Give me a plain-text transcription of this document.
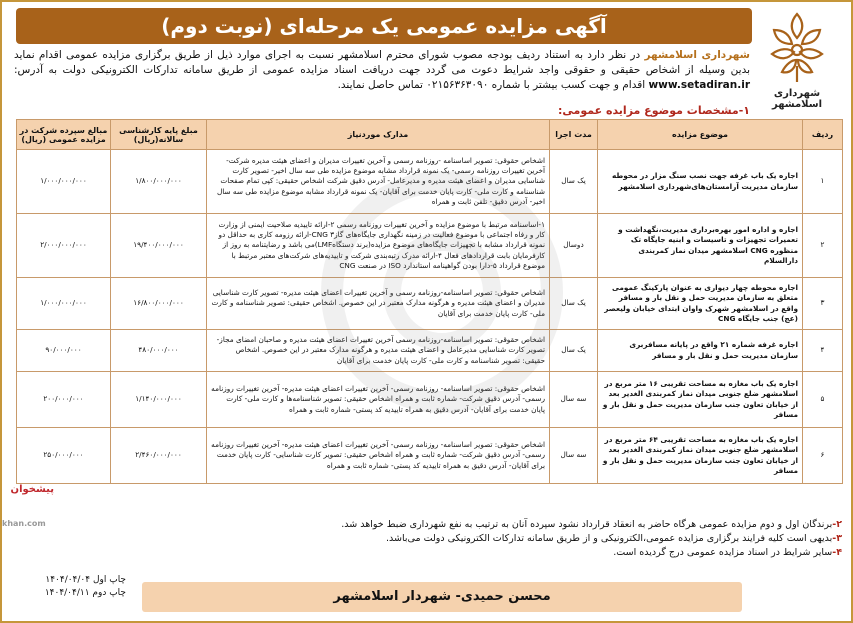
شهرداری اسلامشهر
آگهی مزایده عمومی یک مرحله‌ای (نوبت دوم)
شهرداری اسلامشهر در نظر دارد به استناد ردیف بودجه مصوب شورای محترم اسلامشهر نسبت به اجرای موارد ذیل از طریق برگزاری مزایده عمومی اقدام نماید بدین وسیله از اشخاص حقیقی و حقوقی واجد شرایط دعوت می گردد جهت دریافت اسناد مزایده عمومی از طریق سامانه تدارکات الکترونیکی دولت به آدرس: www.setadiran.ir اقدام و جهت کسب بیشتر با شماره ۰۲۱۵۶۳۶۳۰۹۰ تماس حاصل نمایند.
۱-مشخصات موضوع مزایده عمومی:
ردیف	موضوع مزایده	مدت اجرا	مدارک موردنیاز	مبلغ پایه کارشناسی سالانه(ریال)	مبالغ سپرده شرکت در مزایده عمومی (ریال)
۱	اجاره یک باب غرفه جهت نصب سنگ مزار در محوطه سازمان مدیریت آرامستان‌های‌شهرداری اسلامشهر	یک سال	اشخاص حقوقی: تصویر اساسنامه -روزنامه رسمی و آخرین تغییرات مدیران و اعضای هیئت مدیره شرکت- آخرین تغییرات روزنامه رسمی- یک نمونه قرارداد مشابه موضوع مزایده طی سه سال اخیر- تصویر کارت شناسایی مدیران و اعضای هیئت مدیره و مدیرعامل- آدرس دقیق شرکت اشخاص حقیقی: کپی تمام صفحات شناسنامه و کارت ملی- کارت پایان خدمت برای آقایان- یک نمونه قرارداد مشابه موضوع مزایده طی سه سال اخیر- آدرس دقیق- تلفن ثابت و همراه	۱/۸۰۰/۰۰۰/۰۰۰	۱/۰۰۰/۰۰۰/۰۰۰
۲	اجاره و اداره امور بهره‌برداری مدیریت،نگهداشت و تعمیرات تجهیزات و تاسیسات و ابنیه جایگاه تک منظوره CNG اسلامشهر میدان نماز کمربندی دارالسلام	دوسال	۱-اساسنامه مرتبط با موضوع مزایده و آخرین تغییرات روزنامه رسمی ۲-ارائه تاییدیه صلاحیت ایمنی از وزارت کار و رفاه اجتماعی با موضوع فعالیت در زمینه نگهداری جایگاه‌های گازCNG ۳-ارائه رزومه کاری به حداقل دو نمونه قرارداد مشابه با تجهیزات جایگاه‌های موضوع مزایده(برند دستگاهLMF)می باشد و رضایتنامه به روز از کارفرمایان بابت قرارداد‌های فعال ۴-ارائه مدرک رتبه‌بندی شرکت و تاییدیه‌های شرکت‌های معتبر مرتبط با موضوع قرارداد ۵-دارا بودن گواهینامه استاندارد ISO در صنعت CNG	۱۹/۴۰۰/۰۰۰/۰۰۰	۲/۰۰۰/۰۰۰/۰۰۰
۳	اجاره محوطه چهار دیواری به عنوان پارکینگ عمومی متعلق به سازمان مدیریت حمل و نقل بار و مسافر واقع در اسلامشهر شهرک واوان ابتدای خیابان ولیعصر (عج) جنب جایگاه CNG	یک سال	اشخاص حقوقی: تصویر اساسنامه-روزنامه رسمی و آخرین تغییرات اعضای هیئت مدیره- تصویر کارت شناسایی مدیران و اعضای هیئت مدیره و هرگونه مدارک معتبر در این خصوص. اشخاص حقیقی: تصویر شناسنامه و کارت ملی- کارت پایان خدمت برای آقایان	۱۶/۸۰۰/۰۰۰/۰۰۰	۱/۰۰۰/۰۰۰/۰۰۰
۴	اجاره غرفه شماره ۲۱ واقع در پایانه مسافربری سازمان مدیریت حمل و نقل بار و مسافر	یک سال	اشخاص حقوقی: تصویر اساسنامه-روزنامه رسمی آخرین تغییرات اعضای هیئت مدیره و صاحبان امضای مجاز- تصویر کارت شناسایی مدیرعامل و اعضای هیئت مدیره و هرگونه مدارک معتبر در این خصوص. اشخاص حقیقی: تصویر شناسنامه و کارت ملی- کارت پایان خدمت برای آقایان	۴۸۰/۰۰۰/۰۰۰	۹۰/۰۰۰/۰۰۰
۵	اجاره یک باب مغازه به مساحت تقریبی ۱۶ متر مربع در اسلامشهر ضلع جنوبی میدان نماز کمربندی الغدیر بعد از خیابان تعاون جنب سازمان مدیریت حمل و نقل بار و مسافر	سه سال	اشخاص حقوقی: تصویر اساسنامه- روزنامه رسمی- آخرین تغییرات اعضای هیئت مدیره- آخرین تغییرات روزنامه رسمی- آدرس دقیق شرکت- شماره ثابت و همراه اشخاص حقیقی: تصویر شناسنامه‌ها و کارت ملی- کارت پایان خدمت برای آقایان- آدرس دقیق به همراه تاییدیه کد پستی- شماره ثابت و همراه	۱/۱۴۰/۰۰۰/۰۰۰	۲۰۰/۰۰۰/۰۰۰
۶	اجاره یک باب مغازه به مساحت تقریبی ۶۴ متر مربع در اسلامشهر ضلع جنوبی میدان نماز کمربندی الغدیر بعد از خیابان تعاون جنب سازمان مدیریت حمل و نقل بار و مسافر	سه سال	اشخاص حقوقی: تصویر اساسنامه- روزنامه رسمی- آخرین تغییرات اعضای هیئت مدیره- آخرین تغییرات روزنامه رسمی- آدرس دقیق شرکت- شماره ثابت و همراه اشخاص حقیقی: تصویر کارت شناسایی- کارت پایان خدمت برای آقایان- آدرس دقیق به همراه تاییدیه کد پستی- شماره ثابت و همراه	۲/۴۶۰/۰۰۰/۰۰۰	۲۵۰/۰۰۰/۰۰۰
۲-برندگان اول و دوم مزایده عمومی هرگاه حاضر به انعقاد قرارداد نشود سپرده آنان به ترتیب به نفع شهرداری ضبط خواهد شد.
۳-بدیهی است کلیه فرایند برگزاری مزایده عمومی،الکترونیکی و از طریق سامانه تدارکات الکترونیکی دولت می‌باشد.
۴-سایر شرایط در اسناد مزایده عمومی درج گردیده است.
چاپ اول ۱۴۰۴/۰۴/۰۴
چاپ دوم ۱۴۰۴/۰۴/۱۱	محسن حمیدی- شهردار اسلامشهر
پیشخوان
khan.com
